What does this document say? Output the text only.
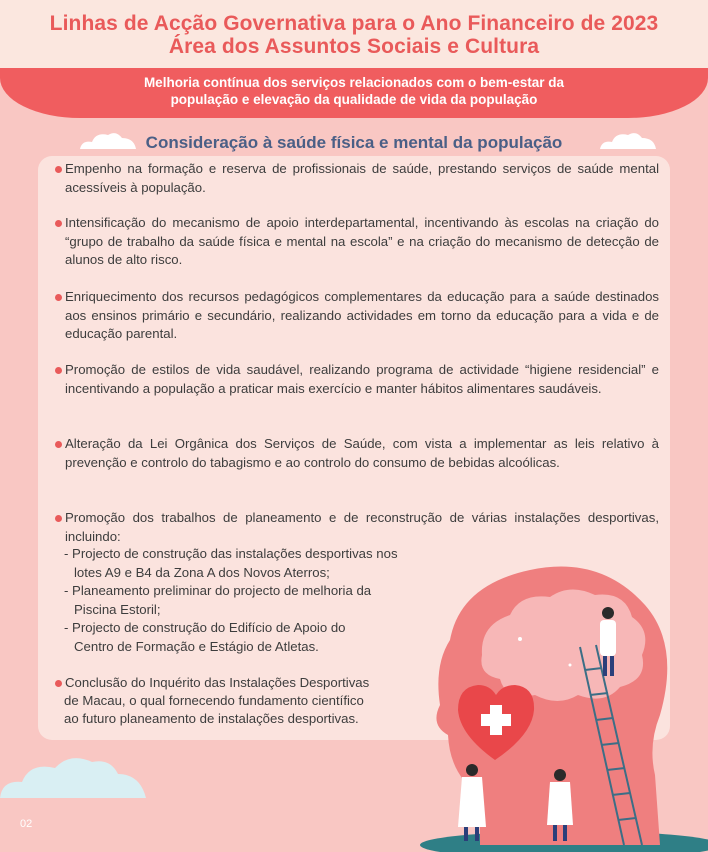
Linhas de Acção Governativa para o Ano Financeiro de 2023
Área dos Assuntos Sociais e Cultura
Melhoria contínua dos serviços relacionados com o bem-estar da
população e elevação da qualidade de vida da população
Consideração à saúde física e mental da população
Empenho na formação e reserva de profissionais de saúde, prestando serviços de saúde mental acessíveis à população.
Intensificação do mecanismo de apoio interdepartamental, incentivando às escolas na criação do “grupo de trabalho da saúde física e mental na escola” e na criação do mecanismo de detecção de alunos de alto risco.
Enriquecimento dos recursos pedagógicos complementares da educação para a saúde destinados aos ensinos primário e secundário, realizando actividades em torno da educação para a vida e de educação parental.
Promoção de estilos de vida saudável, realizando programa de actividade “higiene residencial” e incentivando a população a praticar mais exercício e manter hábitos alimentares saudáveis.
Alteração da Lei Orgânica dos Serviços de Saúde, com vista a implementar as leis relativo à prevenção e controlo do tabagismo e ao controlo do consumo de bebidas alcoólicas.
Promoção dos trabalhos de planeamento e de reconstrução de várias instalações desportivas, incluindo:
- Projecto de construção das instalações desportivas nos
lotes A9 e B4 da Zona A dos Novos Aterros;
- Planeamento preliminar do projecto de melhoria da
Piscina Estoril;
- Projecto de construção do Edifício de Apoio do
Centro de Formação e Estágio de Atletas.
Conclusão do Inquérito das Instalações Desportivas
de Macau, o qual fornecendo fundamento científico
ao futuro planeamento de instalações desportivas.
02
